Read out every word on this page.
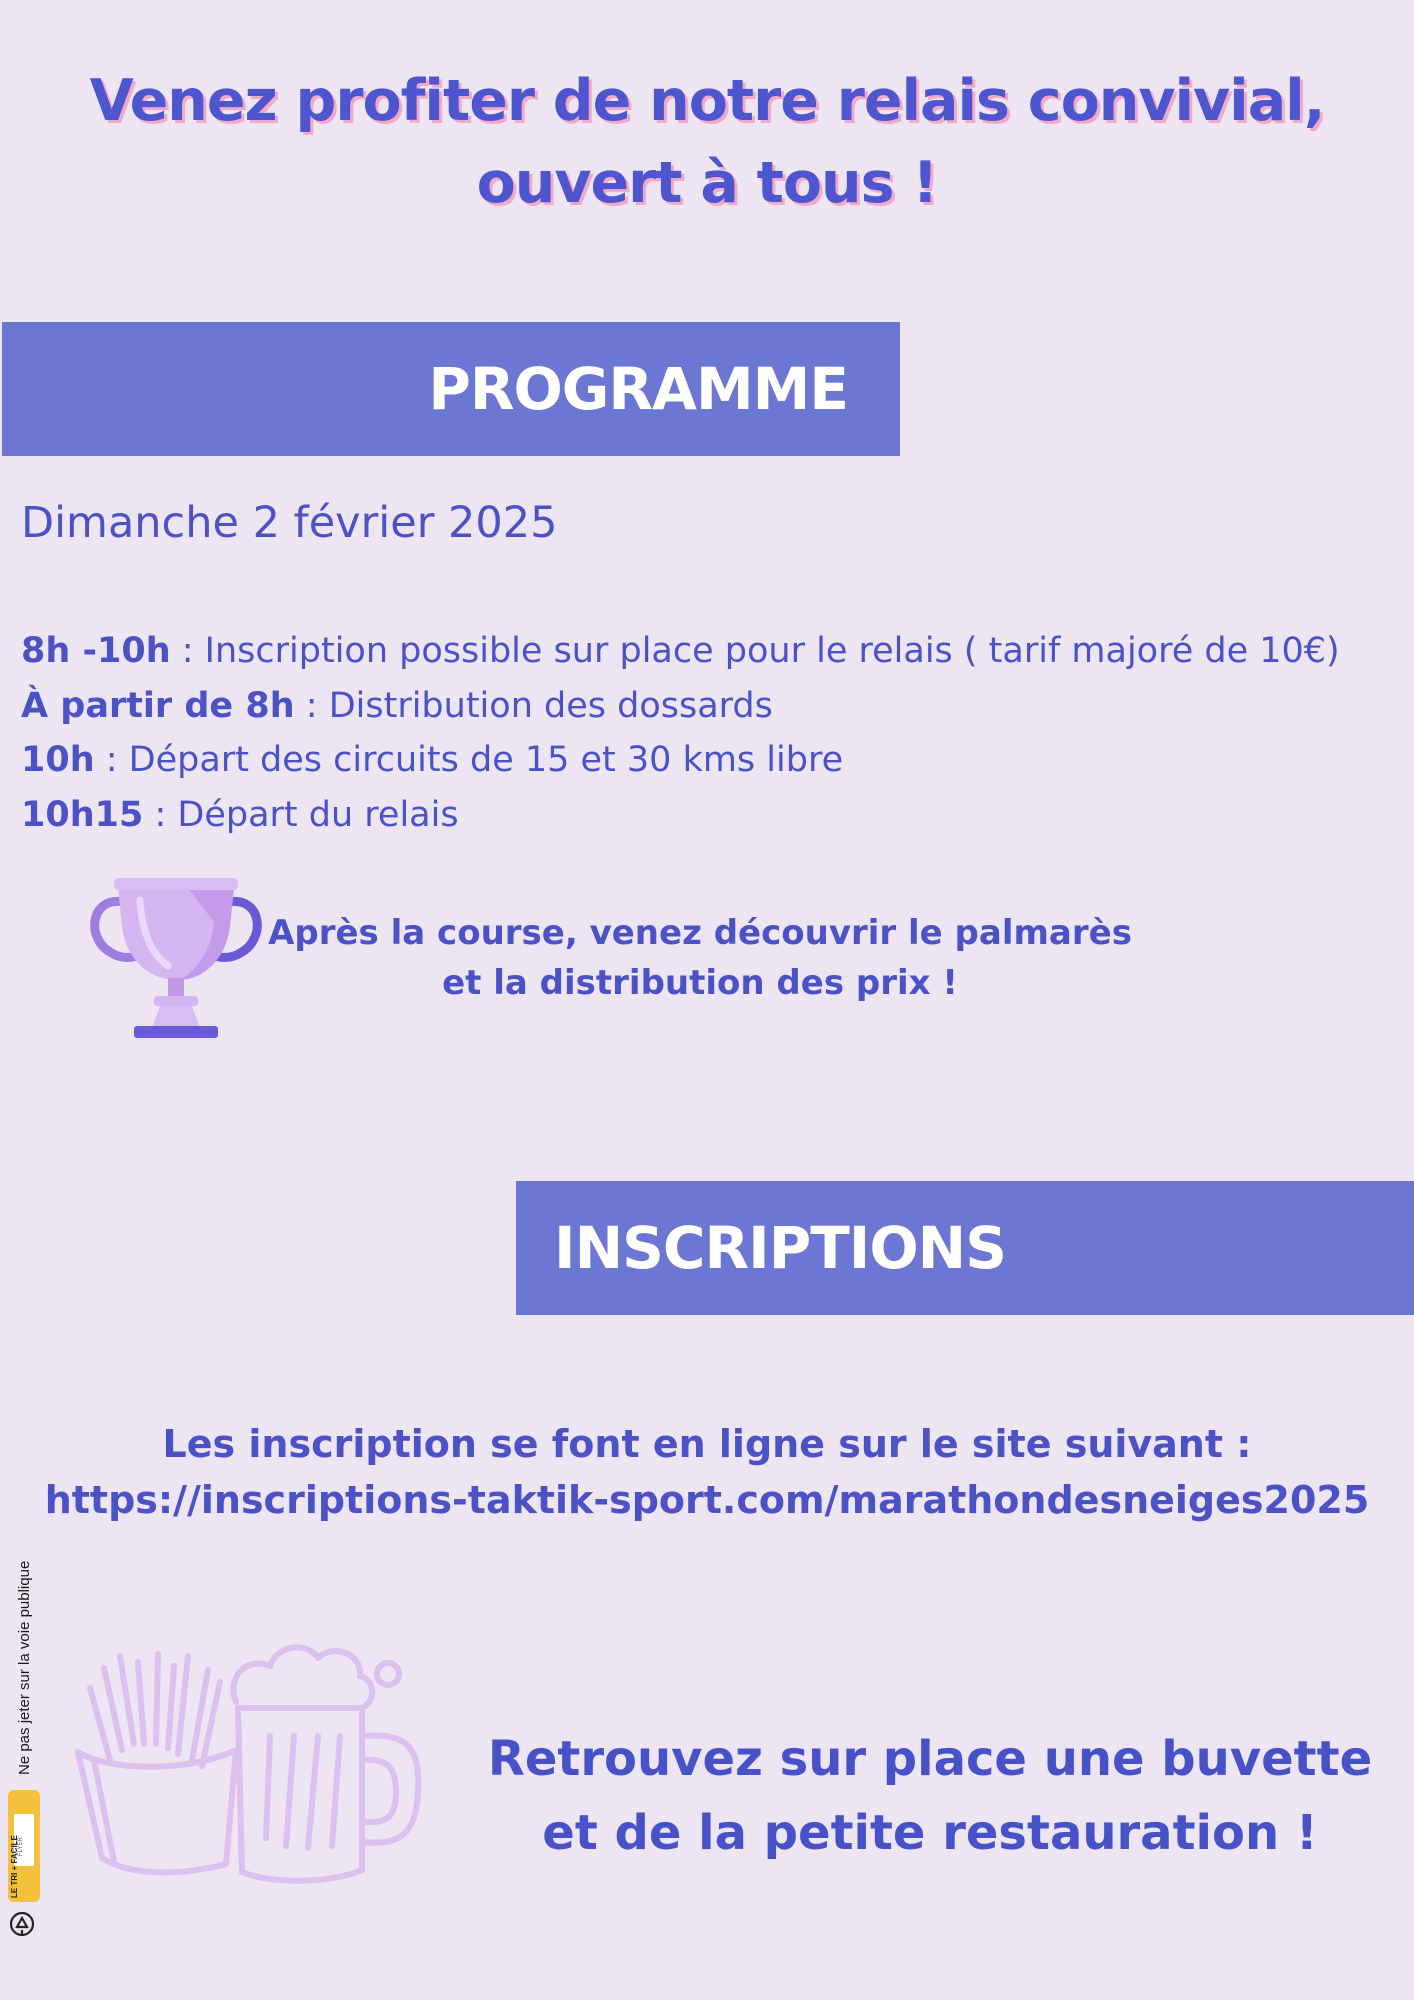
Venez profiter de notre relais convivial,
ouvert à tous !
PROGRAMME
Dimanche 2 février 2025
8h -10h : Inscription possible sur place pour le relais ( tarif majoré de 10€)
À partir de 8h : Distribution des dossards
10h : Départ des circuits de 15 et 30 kms libre
10h15 : Départ du relais
Après la course, venez découvrir le palmarès
et la distribution des prix !
INSCRIPTIONS
Les inscription se font en ligne sur le site suivant :
https://inscriptions-taktik-sport.com/marathondesneiges2025
Retrouvez sur place une buvette
et de la petite restauration !
Ne pas jeter sur la voie publique
FLYER
LE TRI + FACILE
